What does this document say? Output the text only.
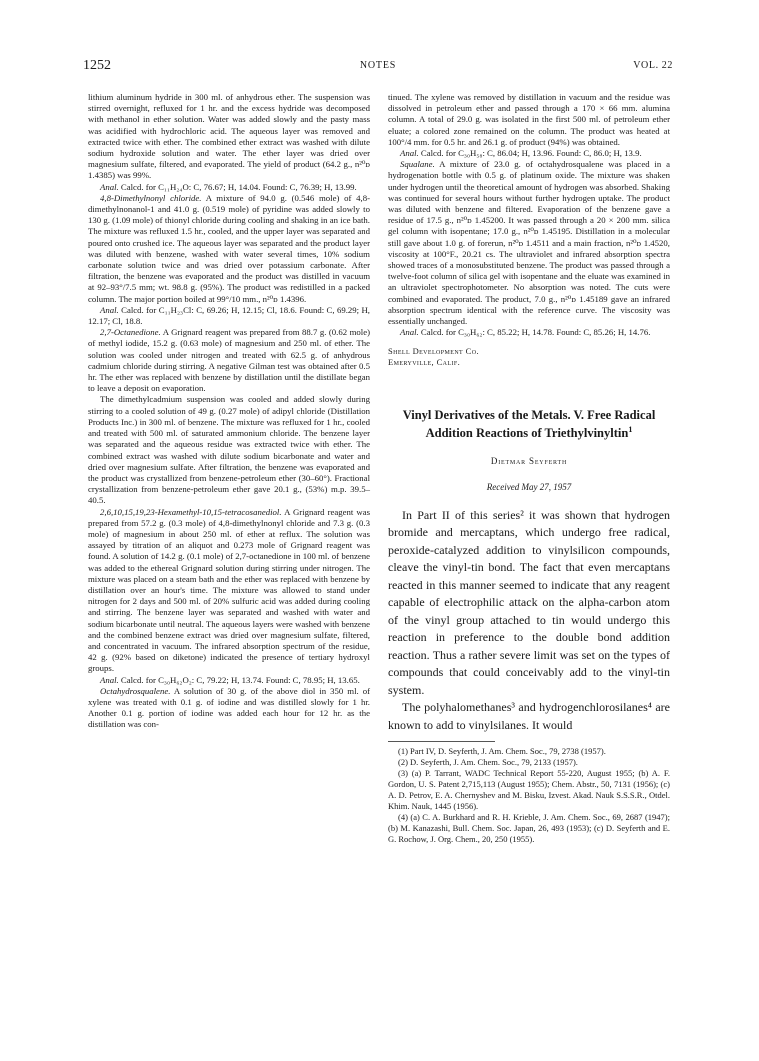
1252	NOTES	VOL. 22

lithium aluminum hydride in 300 ml. of anhydrous ether. The suspension was stirred overnight, refluxed for 1 hr. and the excess hydride was decomposed with methanol in ether solution. Water was added slowly and the pasty mass was acidified with hydrochloric acid. The aqueous layer was removed and extracted twice with ether. The combined ether extract was washed with dilute sodium hydroxide solution and water. The ether layer was dried over magnesium sulfate, filtered, and evaporated. The yield of product (64.2 g., n²⁰ᴅ 1.4385) was 99%.

Anal. Calcd. for C₁₁H₂₄O: C, 76.67; H, 14.04. Found: C, 76.39; H, 13.99.

4,8-Dimethylnonyl chloride. A mixture of 94.0 g. (0.546 mole) of 4,8-dimethylnonanol-1 and 41.0 g. (0.519 mole) of pyridine was added slowly to 130 g. (1.09 mole) of thionyl chloride during cooling and shaking in an ice bath. The mixture was refluxed 1.5 hr., cooled, and the upper layer was separated and poured onto crushed ice. The aqueous layer was separated and the product layer was diluted with benzene, washed with water several times, 10% sodium carbonate solution twice and was dried over potassium carbonate. After filtration, the benzene was evaporated and the product was distilled in vacuum at 92–93°/7.5 mm; wt. 98.8 g. (95%). The product was redistilled in a packed column. The major portion boiled at 99°/10 mm., n²⁰ᴅ 1.4396.

Anal. Calcd. for C₁₁H₂₃Cl: C, 69.26; H, 12.15; Cl, 18.6. Found: C, 69.29; H, 12.17; Cl, 18.8.

2,7-Octanedione. A Grignard reagent was prepared from 88.7 g. (0.62 mole) of methyl iodide, 15.2 g. (0.63 mole) of magnesium and 250 ml. of ether. The solution was cooled under nitrogen and treated with 62.5 g. of anhydrous cadmium chloride during stirring. A negative Gilman test was obtained after 0.5 hr. The ether was replaced with benzene by distillation until the distillate began to leave a deposit on evaporation.

The dimethylcadmium suspension was cooled and added slowly during stirring to a cooled solution of 49 g. (0.27 mole) of adipyl chloride (Distillation Products Inc.) in 300 ml. of benzene. The mixture was refluxed for 1 hr., cooled and treated with 500 ml. of saturated ammonium chloride. The benzene layer was separated and the aqueous residue was extracted twice with ether. The combined extract was washed with dilute sodium bicarbonate and water and dried over magnesium sulfate. After filtration, the benzene was evaporated and the product was crystallized from benzene-petroleum ether (30–60°). Fractional crystallization from benzene-petroleum ether gave 20.1 g., (53%) m.p. 39.5–40.5.

2,6,10,15,19,23-Hexamethyl-10,15-tetracosanediol. A Grignard reagent was prepared from 57.2 g. (0.3 mole) of 4,8-dimethylnonyl chloride and 7.3 g. (0.3 mole) of magnesium in about 250 ml. of ether at reflux. The solution was assayed by titration of an aliquot and 0.273 mole of Grignard reagent was found. A solution of 14.2 g. (0.1 mole) of 2,7-octanedione in 100 ml. of benzene was added to the ethereal Grignard solution during stirring under nitrogen. The mixture was placed on a steam bath and the ether was replaced with benzene by distillation over an hour's time. The mixture was allowed to stand under nitrogen for 2 days and 500 ml. of 20% sulfuric acid was added during cooling and stirring. The benzene layer was separated and washed with water and sodium bicarbonate until neutral. The aqueous layers were washed with benzene and the combined benzene extract was dried over magnesium sulfate, filtered, and concentrated in vacuum. The infrared absorption spectrum of the residue, 42 g. (92% based on diketone) indicated the presence of tertiary hydroxyl groups.

Anal. Calcd. for C₃₀H₆₂O₂: C, 79.22; H, 13.74. Found: C, 78.95; H, 13.65.

Octahydrosqualene. A solution of 30 g. of the above diol in 350 ml. of xylene was treated with 0.1 g. of iodine and was distilled slowly for 1 hr. Another 0.1 g. portion of iodine was added each hour for 12 hr. as the distillation was con-

tinued. The xylene was removed by distillation in vacuum and the residue was dissolved in petroleum ether and passed through a 170 × 66 mm. alumina column. A total of 29.0 g. was isolated in the first 500 ml. of petroleum ether eluate; a colored zone remained on the column. The product was heated at 100°/4 mm. for 0.5 hr. and 26.1 g. of product (94%) was obtained.

Anal. Calcd. for C₃₀H₅₈: C, 86.04; H, 13.96. Found: C, 86.0; H, 13.9.

Squalane. A mixture of 23.0 g. of octahydrosqualene was placed in a hydrogenation bottle with 0.5 g. of platinum oxide. The mixture was shaken under hydrogen until the theoretical amount of hydrogen was absorbed. Shaking was continued for several hours without further hydrogen uptake. The product was diluted with benzene and filtered. Evaporation of the benzene gave a residue of 17.5 g., n²⁰ᴅ 1.45200. It was passed through a 20 × 200 mm. silica gel column with isopentane; 17.0 g., n²⁰ᴅ 1.45195. Distillation in a molecular still gave about 1.0 g. of forerun, n²⁰ᴅ 1.4511 and a main fraction, n²⁰ᴅ 1.4520, viscosity at 100°F., 20.21 cs. The ultraviolet and infrared absorption spectra showed traces of a monosubstituted benzene. The product was passed through a twelve-foot column of silica gel with isopentane and the eluate was examined in an ultraviolet spectrophotometer. No absorption was noted. The cuts were combined and evaporated. The product, 7.0 g., n²⁰ᴅ 1.45189 gave an infrared absorption spectrum identical with the reference curve. The viscosity was essentially unchanged.

Anal. Calcd. for C₃₀H₆₂: C, 85.22; H, 14.78. Found: C, 85.26; H, 14.76.

Shell Development Co.
Emeryville, Calif.
Vinyl Derivatives of the Metals. V. Free Radical
Addition Reactions of Triethylvinyltin$^1$
Dietmar Seyferth
Received May 27, 1957

In Part II of this series² it was shown that hydrogen bromide and mercaptans, which undergo free radical, peroxide-catalyzed addition to vinylsilicon compounds, cleave the vinyl-tin bond. The fact that even mercaptans reacted in this manner seemed to indicate that any reagent capable of electrophilic attack on the alpha-carbon atom of the vinyl group attached to tin would undergo this reaction in preference to the double bond addition reaction. Thus a rather severe limit was set on the types of compounds that could conceivably add to the vinyl-tin system.

The polyhalomethanes³ and hydrogenchlorosilanes⁴ are known to add to vinylsilanes. It would

(1) Part IV, D. Seyferth, J. Am. Chem. Soc., 79, 2738 (1957).

(2) D. Seyferth, J. Am. Chem. Soc., 79, 2133 (1957).

(3) (a) P. Tarrant, WADC Technical Report 55-220, August 1955; (b) A. F. Gordon, U. S. Patent 2,715,113 (August 1955); Chem. Abstr., 50, 7131 (1956); (c) A. D. Petrov, E. A. Chernyshev and M. Bisku, Izvest. Akad. Nauk S.S.S.R., Otdel. Khim. Nauk, 1445 (1956).

(4) (a) C. A. Burkhard and R. H. Krieble, J. Am. Chem. Soc., 69, 2687 (1947); (b) M. Kanazashi, Bull. Chem. Soc. Japan, 26, 493 (1953); (c) D. Seyferth and E. G. Rochow, J. Org. Chem., 20, 250 (1955).
